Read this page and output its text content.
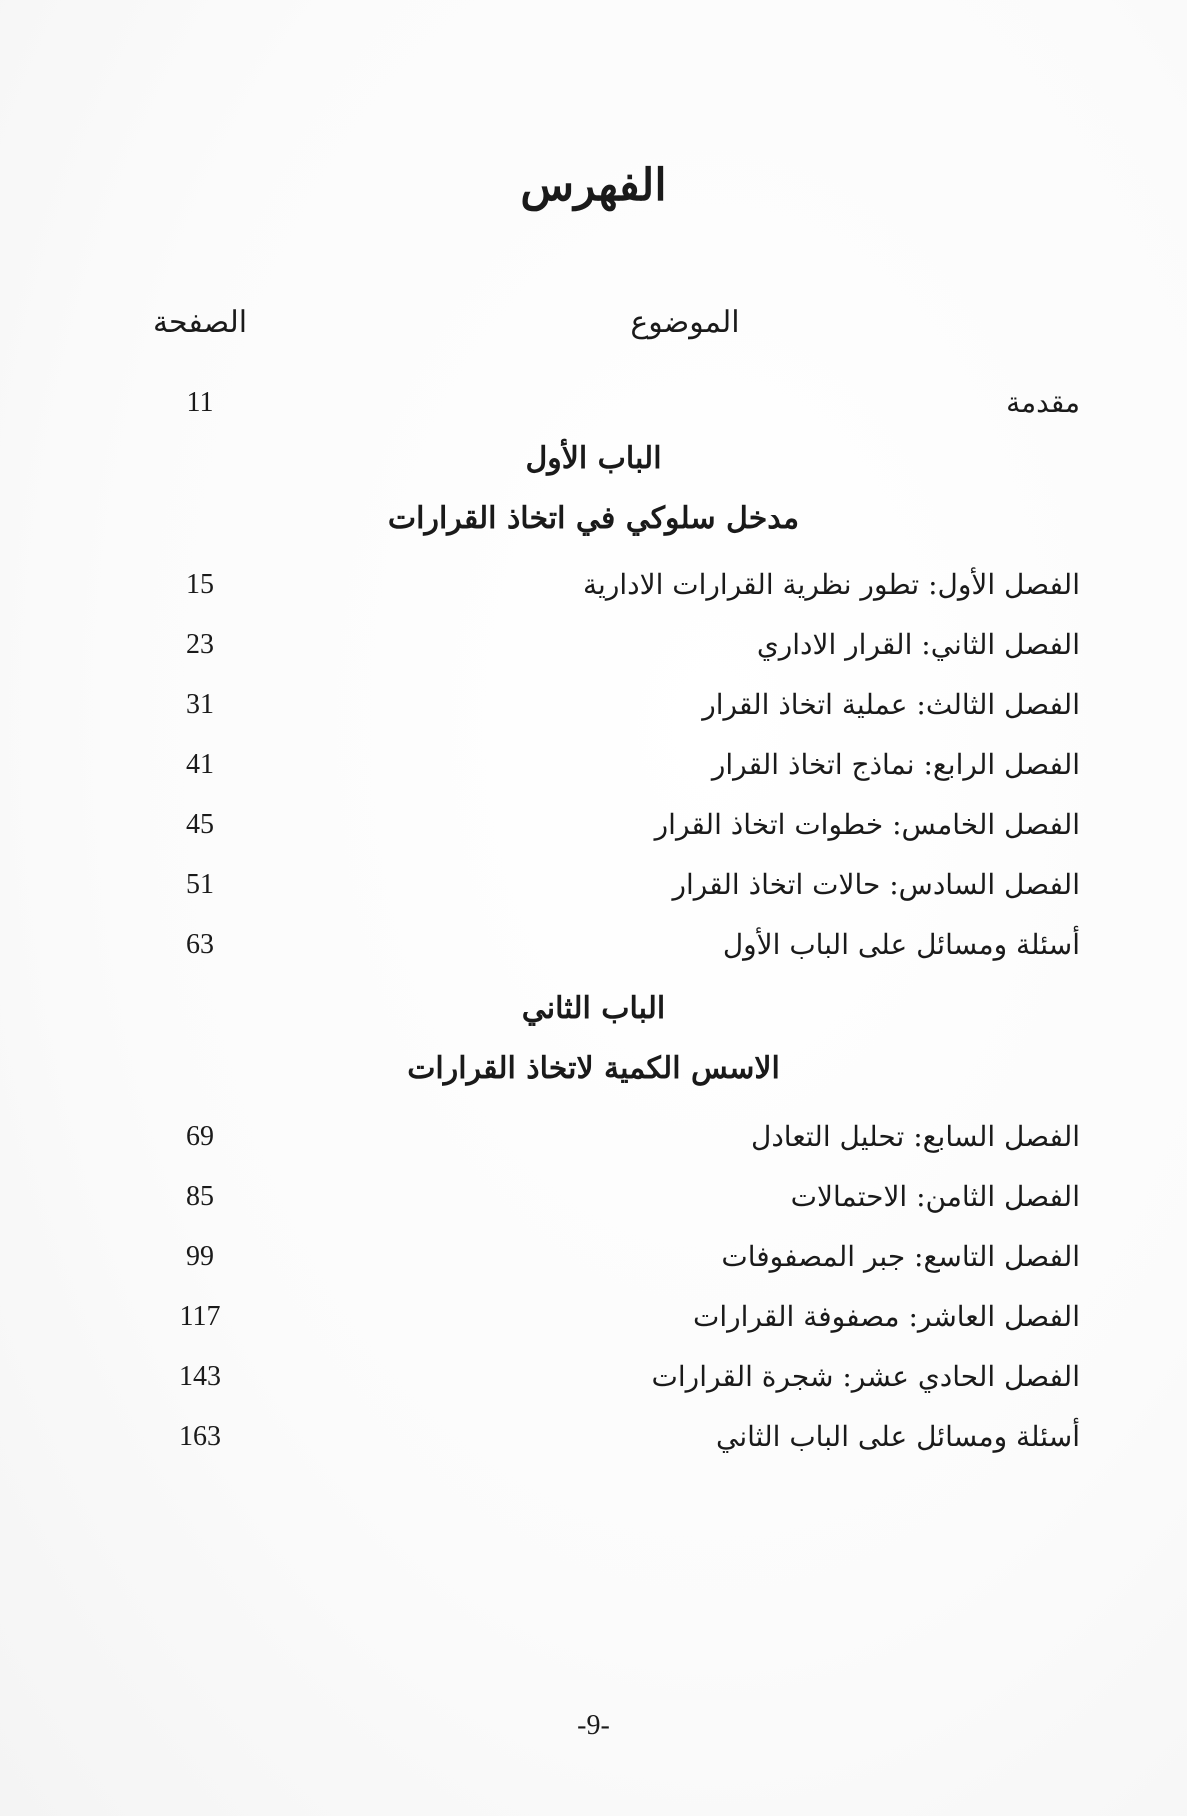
الفهرس
الموضوع
الصفحة
مقدمة
11
الباب الأول
مدخل سلوكي في اتخاذ القرارات
الفصل الأول: تطور نظرية القرارات الادارية
15
الفصل الثاني: القرار الاداري
23
الفصل الثالث: عملية اتخاذ القرار
31
الفصل الرابع: نماذج اتخاذ القرار
41
الفصل الخامس: خطوات اتخاذ القرار
45
الفصل السادس: حالات اتخاذ القرار
51
أسئلة ومسائل على الباب الأول
63
الباب الثاني
الاسس الكمية لاتخاذ القرارات
الفصل السابع: تحليل التعادل
69
الفصل الثامن: الاحتمالات
85
الفصل التاسع: جبر المصفوفات
99
الفصل العاشر: مصفوفة القرارات
117
الفصل الحادي عشر: شجرة القرارات
143
أسئلة ومسائل على الباب الثاني
163
-9-
